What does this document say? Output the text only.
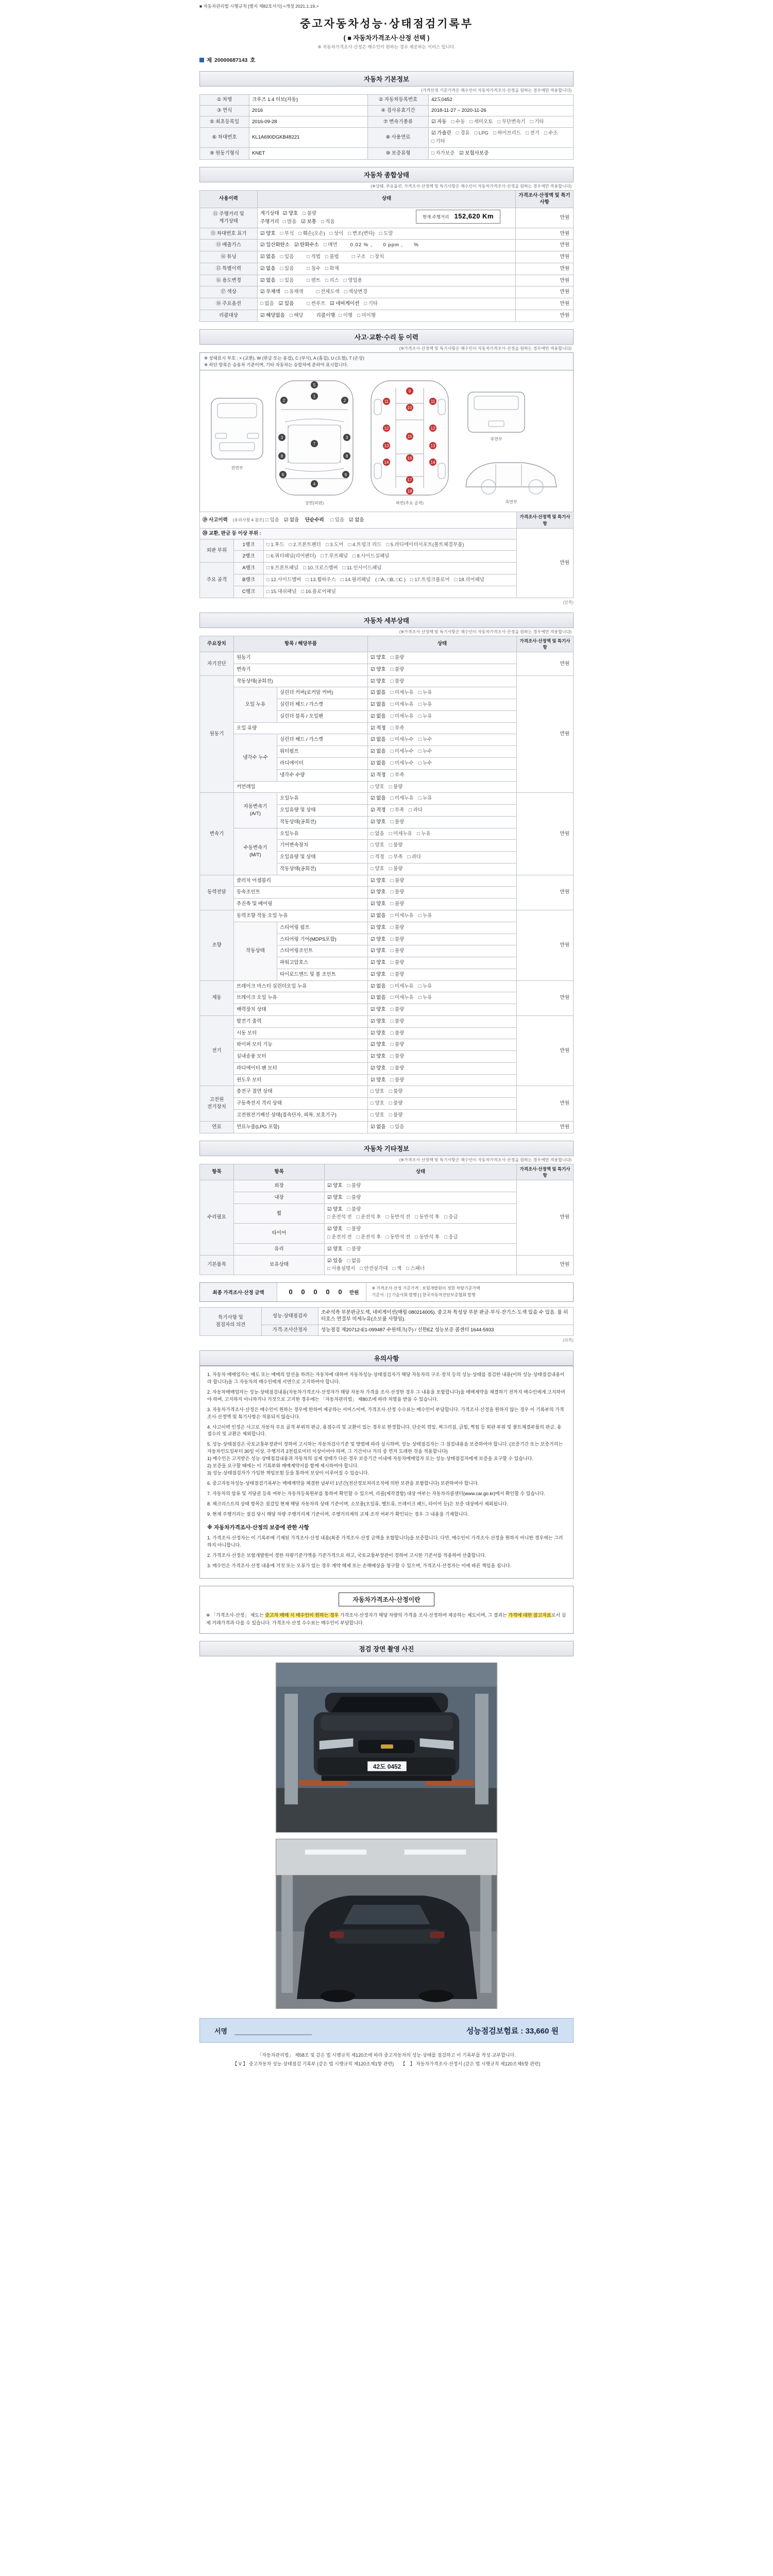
■ 자동차관리법 시행규칙 [별지 제82호서식] <개정 2021.1.19.>
중고자동차성능·상태점검기록부
( ■ 자동차가격조사·산정 선택 )
※ 자동차가격조사·산정은 매수인이 원하는 경우 제공하는 서비스 입니다.
제 20000687143 호
자동차 기본정보
(가격산정 기준가격은 매수인이 자동차가격조사·산정을 원하는 경우에만 적용합니다)
① 차명	크루즈 1.4 터보(자동)	② 자동차등록번호	42도0452
③ 연식	2016	④ 검사유효기간	2018-11-27 ~ 2020-11-26
⑤ 최초등록일	2016-09-28	⑦ 변속기종류	☑ 자동 □ 수동 □ 세미오토 □ 무단변속기 □ 기타
⑥ 차대번호	KL1A690DGKB48221	⑧ 사용연료	☑ 가솔린 □ 경유 □ LPG □ 하이브리드 □ 전기 □ 수소□ 기타
⑨ 원동기형식	KNET	⑩ 보증유형	□ 자가보증 ☑ 보험사보증
자동차 종합상태
(※상태, 주요옵션, 가격조사·산정액 및 특기사항은 매수인이 자동차가격조사·산정을 원하는 경우에만 적용합니다)
사용이력	상태	가격조사·산정액 및 특기사항
⑪ 주행거리 및
계기상태	현재 주행거리 152,620 Km
계기상태 ☑ 양호 □ 불량
주행거리 □ 많음 ☑ 보통 □ 적음	만원
⑫ 차대번호 표기	☑ 양호 □ 부식 □ 훼손(오손) □ 상이 □ 변조(변타) □ 도말	만원
⑬ 배출가스	☑ 일산화탄소 ☑ 탄화수소 □ 매연 0.02 % ,　　0 ppm ,　　%	만원
⑭ 튜닝	☑ 없음 □ 있음 □ 적법 □ 불법 □ 구조 □ 장치	만원
⑮ 특별이력	☑ 없음 □ 있음 □ 침수 □ 화재	만원
⑯ 용도변경	☑ 없음 □ 있음 □ 렌트 □ 리스 □ 영업용	만원
⑰ 색상	☑ 무채색 □ 유채색 □ 전체도색 □ 색상변경	만원
⑱ 주요옵션	□ 없음 ☑ 있음 □ 썬루프 ☑ 네비게이션 □ 기타	만원
리콜대상	☑ 해당없음 □ 해당 리콜이행 □ 이행 □ 미이행	만원
사고·교환·수리 등 이력
(※가격조사·산정액 및 특기사항은 매수인이 자동차가격조사·산정을 원하는 경우에만 적용합니다)
※ 상태표시 부호 : × (교환), W (판금 또는 용접), C (부식), A (흠집), U (요철), T (손상)
※ 하단 항목은 승용차 기준이며, 기타 자동차는 승합차에 준하여 표시합니다.
전면부
1
2	2
3	3
7
6	6
4
5
8	8
상면(외판)
9
10
11	11
12	12
13	13
14	14
15
16
17
18
하면(주요 골격)
후면부
측면부
⑲ 사고이력 (유의사항 4 참조) □ 있음 ☑ 없음 단순수리 □ 있음 ☑ 없음			가격조사·산정액 및 특기사항
⑳ 교환, 판금 등 이상 부위 :			만원
외판 부위	1랭크	□ 1.후드 □ 2.프론트펜더 □ 3.도어 □ 4.트렁크 리드 □ 5.라디에이터서포트(볼트체결부품)	
	2랭크	□ 6.쿼터패널(리어펜더) □ 7.루프패널 □ 8.사이드실패널	
주요 골격	A랭크	□ 9.프론트패널 □ 10.크로스멤버 □ 11.인사이드패널	
	B랭크	□ 12.사이드멤버 □ 13.휠하우스 □ 14.필러패널 ( □A, □B, □C ) □ 17.트렁크플로어 □ 18.리어패널	
	C랭크	□ 15.대쉬패널 □ 16.플로어패널	
(앞쪽)
자동차 세부상태
(※가격조사·산정액 및 특기사항은 매수인이 자동차가격조사·산정을 원하는 경우에만 적용합니다)
주요장치	항목 / 해당부품		상태	가격조사·산정액 및 특기사항
자기진단	원동기		☑ 양호 □ 불량	만원
	변속기		☑ 양호 □ 불량	
원동기	작동상태(공회전)		☑ 양호 □ 불량	만원
	오일 누유	실린더 커버(로커암 커버)	☑ 없음 □ 미세누유 □ 누유	
		실린더 헤드 / 가스켓	☑ 없음 □ 미세누유 □ 누유	
		실린더 블록 / 오일팬	☑ 없음 □ 미세누유 □ 누유	
	오일 유량		☑ 적정 □ 부족	
	냉각수 누수	실린더 헤드 / 가스켓	☑ 없음 □ 미세누수 □ 누수	
		워터펌프	☑ 없음 □ 미세누수 □ 누수	
		라디에이터	☑ 없음 □ 미세누수 □ 누수	
		냉각수 수량	☑ 적정 □ 부족	
	커먼레일		□ 양호 □ 불량	
변속기	자동변속기
(A/T)	오일누유	☑ 없음 □ 미세누유 □ 누유	만원
		오일유량 및 상태	☑ 적정 □ 부족 □ 과다	
		작동상태(공회전)	☑ 양호 □ 불량	
	수동변속기
(M/T)	오일누유	□ 없음 □ 미세누유 □ 누유	
		기어변속장치	□ 양호 □ 불량	
		오일유량 및 상태	□ 적정 □ 부족 □ 과다	
		작동상태(공회전)	□ 양호 □ 불량	
동력전달	클러치 어셈블리		☑ 양호 □ 불량	만원
	등속조인트		☑ 양호 □ 불량	
	추진축 및 베어링		☑ 양호 □ 불량	
조향	동력조향 작동 오일 누유		☑ 없음 □ 미세누유 □ 누유	만원
	작동상태	스티어링 펌프	☑ 양호 □ 불량	
		스티어링 기어(MDPS포함)	☑ 양호 □ 불량	
		스티어링조인트	☑ 양호 □ 불량	
		파워고압호스	☑ 양호 □ 불량	
		타이로드엔드 및 볼 조인트	☑ 양호 □ 불량	
제동	브레이크 마스터 실린더오일 누유		☑ 없음 □ 미세누유 □ 누유	만원
	브레이크 오일 누유		☑ 없음 □ 미세누유 □ 누유	
	배력장치 상태		☑ 양호 □ 불량	
전기	발전기 출력		☑ 양호 □ 불량	만원
	시동 모터		☑ 양호 □ 불량	
	와이퍼 모터 기능		☑ 양호 □ 불량	
	실내송풍 모터		☑ 양호 □ 불량	
	라디에이터 팬 모터		☑ 양호 □ 불량	
	윈도우 모터		☑ 양호 □ 불량	
고전원
전기장치	충전구 절연 상태		□ 양호 □ 불량	만원
	구동축전지 격리 상태		□ 양호 □ 불량	
	고전원전기배선 상태(접속단자, 피복, 보호기구)		□ 양호 □ 불량	
연료	연료누출(LPG 포함)		☑ 없음 □ 있음	만원
자동차 기타정보
(※가격조사·산정액 및 특기사항은 매수인이 자동차가격조사·산정을 원하는 경우에만 적용합니다)
항목	항목	상태	가격조사·산정액 및 특기사항
수리필요	외장	☑ 양호 □ 불량	만원
	내장	☑ 양호 □ 불량	
	휠	☑ 양호 □ 불량
□ 운전석 전 □ 운전석 후 □ 동반석 전 □ 동반석 후 □ 응급	
	타이어	☑ 양호 □ 불량
□ 운전석 전 □ 운전석 후 □ 동반석 전 □ 동반석 후 □ 응급	
	유리	☑ 양호 □ 불량	
기본품목	보유상태	☑ 있음 □ 없음
□ 사용설명서 □ 안전삼각대 □ 잭 □ 스패너	만원
최종 가격조사·산정 금액	0 0 0 0 0	만원
※ 가격조사·산정 기준가격 : 보험개발원이 정한 차량기준가액
기준서 : [ ] 기술사회 발행 [ ] 한국자동차진단보증협회 발행
특기사항 및
점검자의 의견	성능·상태점검자	조수석측 부분판금도색, 네비게이션(매립 080214005). 중고차 특성상 부분 판금·부식·잔기스·도색 있을 수 있음. 룸 히터호스 연결부 미세누유(소모품 사항임).
	가격·조사산정자	성능점검 제20712-E1-099487 수원테크(주) / 신한EZ 성능보증 콜센터 1644-5933
(뒤쪽)
유의사항
1. 자동차 매매업자는 매도 또는 매매의 알선을 하려는 자동차에 대하여 자동차성능·상태점검자가 해당 자동차의 구조·장치 등의 성능·상태를 점검한 내용(이하 성능·상태점검내용이라 합니다)을 그 자동차의 매수인에게 서면으로 고지하여야 합니다.
2. 자동차매매업자는 성능·상태점검내용(자동차가격조사·산정자가 해당 자동차 가격을 조사·산정한 경우 그 내용을 포함합니다)을 매매계약을 체결하기 전까지 매수인에게 고지하여야 하며, 고지하지 아니하거나 거짓으로 고지한 경우에는 「자동차관리법」 제80조에 따라 처벌을 받을 수 있습니다.
3. 자동차가격조사·산정은 매수인이 원하는 경우에 한하여 제공하는 서비스이며, 가격조사·산정 수수료는 매수인이 부담합니다. 가격조사·산정을 원하지 않는 경우 이 기록부의 가격조사·산정액 및 특기사항은 적용되지 않습니다.
4. 사고이력 인정은 사고로 자동차 주요 골격 부위의 판금, 용접수리 및 교환이 있는 경우로 한정합니다. 단순히 꺾임, 찌그러짐, 긁힘, 찍힘 등 외판 부위 및 볼트체결부품의 판금, 용접수리 및 교환은 제외합니다.
5. 성능·상태점검은 국토교통부장관이 정하여 고시하는 자동차검사기준 및 방법에 따라 실시하며, 성능·상태점검자는 그 점검내용을 보증하여야 합니다. (보증기간 또는 보증거리는 자동차인도일부터 30일 이상, 주행거리 2천킬로미터 이상이어야 하며, 그 기간이나 거리 중 먼저 도래한 것을 적용합니다)
1) 매수인은 고지받은 성능·상태점검내용과 자동차의 실제 상태가 다른 경우 보증기간 이내에 자동차매매업자 또는 성능·상태점검자에게 보증을 요구할 수 있습니다.
2) 보증을 요구할 때에는 이 기록부와 매매계약서를 함께 제시하여야 합니다.
3) 성능·상태점검자가 가입한 책임보험 등을 통하여 보상이 이루어질 수 있습니다.
6. 중고자동차성능·상태점검기록부는 매매계약을 체결한 날부터 1년간(전산정보처리조직에 의한 보관을 포함합니다) 보관하여야 합니다.
7. 자동차의 압류 및 저당권 등록 여부는 자동차등록원부를 통하여 확인할 수 있으며, 리콜(제작결함) 대상 여부는 자동차리콜센터(www.car.go.kr)에서 확인할 수 있습니다.
8. 체크리스트의 상태 항목은 점검일 현재 해당 자동차의 상태 기준이며, 소모품(오일류, 벨트류, 브레이크 패드, 타이어 등)은 보증 대상에서 제외됩니다.
9. 현재 주행거리는 점검 당시 해당 차량 주행거리계 기준이며, 주행거리계의 교체·조작 여부가 확인되는 경우 그 내용을 기재합니다.
※ 자동차가격조사·산정의 보증에 관한 사항
1. 가격조사·산정자는 이 기록부에 기재된 가격조사·산정 내용(최종 가격조사·산정 금액을 포함합니다)을 보증합니다. 다만, 매수인이 가격조사·산정을 원하지 아니한 경우에는 그러하지 아니합니다.
2. 가격조사·산정은 보험개발원이 정한 차량기준가액을 기준가격으로 하고, 국토교통부장관이 정하여 고시한 기준서를 적용하여 산출합니다.
3. 매수인은 가격조사·산정 내용에 거짓 또는 오류가 있는 경우 계약 해제 또는 손해배상을 청구할 수 있으며, 가격조사·산정자는 이에 따른 책임을 집니다.
자동차가격조사·산정이란
※ 「가격조사·산정」 제도는 중고차 매매 시 매수인이 원하는 경우 가격조사·산정자가 해당 차량의 가격을 조사·산정하여 제공하는 제도이며, 그 결과는 가격에 대한 참고자료로서 실제 거래가격과 다를 수 있습니다. 가격조사·산정 수수료는 매수인이 부담합니다.
점검 장면 촬영 사진
42도 0452
서명	성능점검보험료 : 33,660 원
「자동차관리법」 제58조 및 같은 법 시행규칙 제120조에 따라 중고자동차의 성능·상태를 점검하고 이 기록부를 작성·교부합니다.
【 V 】 중고자동차 성능·상태점검 기록부 (같은 법 시행규칙 제120조제1항 관련)　　【　】 자동차가격조사·산정서 (같은 법 시행규칙 제120조제5항 관련)
